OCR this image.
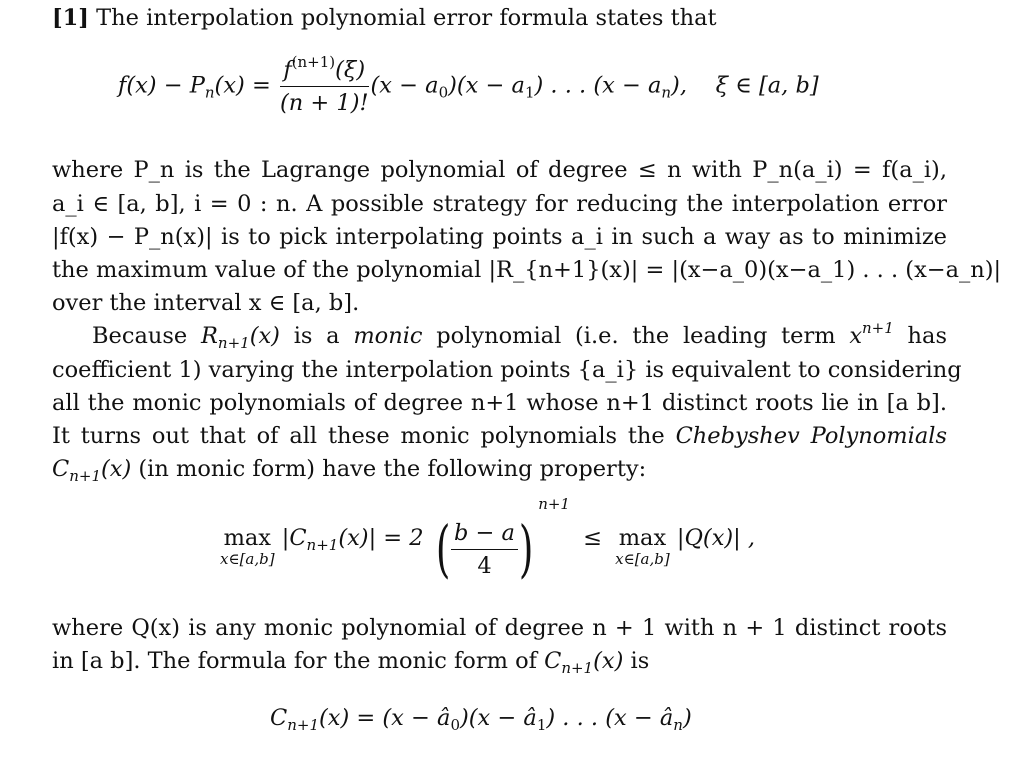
[1] The interpolation polynomial error formula states that
$f(x) - P_n(x) = \frac{f^{(n+1)}(\xi)}{(n + 1)!} (x - a_0)(x - a_1)$ . . . $(x - a_n)$, ξ ∈ [a, b]
where P_n is the Lagrange polynomial of degree ≤ n with P_n(a_i) = f(a_i),
a_i ∈ [a, b], i = 0 : n. A possible strategy for reducing the interpolation error
|f(x) − P_n(x)| is to pick interpolating points a_i in such a way as to minimize
the maximum value of the polynomial |R_{n+1}(x)| = |(x−a_0)(x−a_1) . . . (x−a_n)|
over the interval x ∈ [a, b].
Because $R_{n+1}(x)$ is a monic polynomial (i.e. the leading term $x^{n+1}$ has
coefficient 1) varying the interpolation points {a_i} is equivalent to considering
all the monic polynomials of degree n+1 whose n+1 distinct roots lie in [a b].
It turns out that of all these monic polynomials the Chebyshev Polynomials
$C_{n+1}(x)$ (in monic form) have the following property:
max
x∈[a,b]
$|C_{n+1}(x)| = 2$ ( $\frac{b - a}{4} )^{n+1} \le \max$
x∈[a,b]
|Q(x)| ,
where Q(x) is any monic polynomial of degree n + 1 with n + 1 distinct roots
in [a b]. The formula for the monic form of $C_{n+1}(x)$ is
$C_{n+1}(x) = (x$ − $â_0)(x$ − $â_1$) . . . $(x - â_n)$
